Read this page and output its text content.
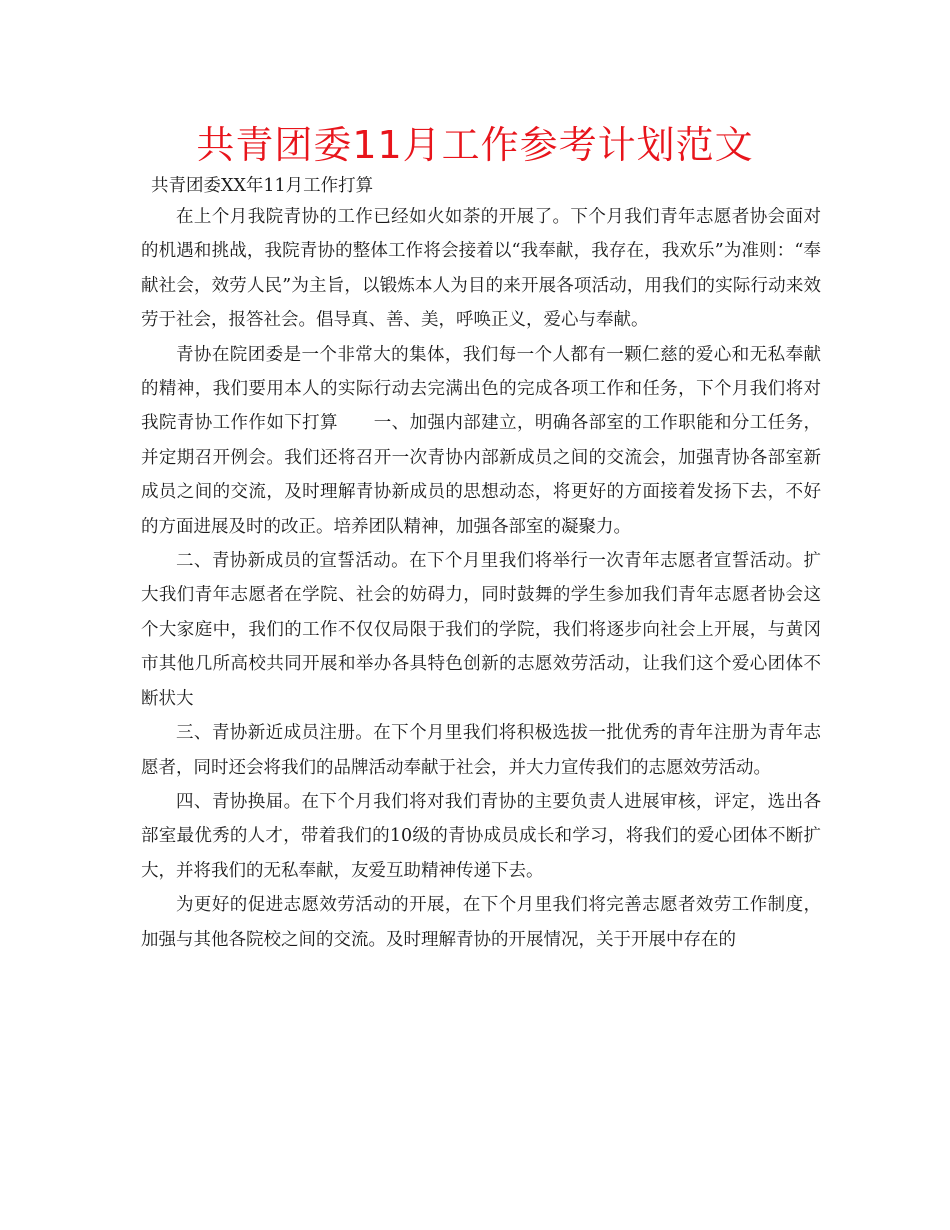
共青团委11月工作参考计划范文

共青团委XX年11月工作打算

在上个月我院青协的工作已经如火如荼的开展了。下个月我们青年志愿者协会面对的机遇和挑战，我院青协的整体工作将会接着以“我奉献，我存在，我欢乐”为准则：“奉献社会，效劳人民”为主旨，以锻炼本人为目的来开展各项活动，用我们的实际行动来效劳于社会，报答社会。倡导真、善、美，呼唤正义，爱心与奉献。

青协在院团委是一个非常大的集体，我们每一个人都有一颗仁慈的爱心和无私奉献的精神，我们要用本人的实际行动去完满出色的完成各项工作和任务，下个月我们将对我院青协工作作如下打算　　一、加强内部建立，明确各部室的工作职能和分工任务，并定期召开例会。我们还将召开一次青协内部新成员之间的交流会，加强青协各部室新成员之间的交流，及时理解青协新成员的思想动态，将更好的方面接着发扬下去，不好的方面进展及时的改正。培养团队精神，加强各部室的凝聚力。

二、青协新成员的宣誓活动。在下个月里我们将举行一次青年志愿者宣誓活动。扩大我们青年志愿者在学院、社会的妨碍力，同时鼓舞的学生参加我们青年志愿者协会这个大家庭中，我们的工作不仅仅局限于我们的学院，我们将逐步向社会上开展，与黄冈市其他几所高校共同开展和举办各具特色创新的志愿效劳活动，让我们这个爱心团体不断状大

三、青协新近成员注册。在下个月里我们将积极选拔一批优秀的青年注册为青年志愿者，同时还会将我们的品牌活动奉献于社会，并大力宣传我们的志愿效劳活动。

四、青协换届。在下个月我们将对我们青协的主要负责人进展审核，评定，选出各部室最优秀的人才，带着我们的10级的青协成员成长和学习，将我们的爱心团体不断扩大，并将我们的无私奉献，友爱互助精神传递下去。

为更好的促进志愿效劳活动的开展，在下个月里我们将完善志愿者效劳工作制度，加强与其他各院校之间的交流。及时理解青协的开展情况，关于开展中存在的
